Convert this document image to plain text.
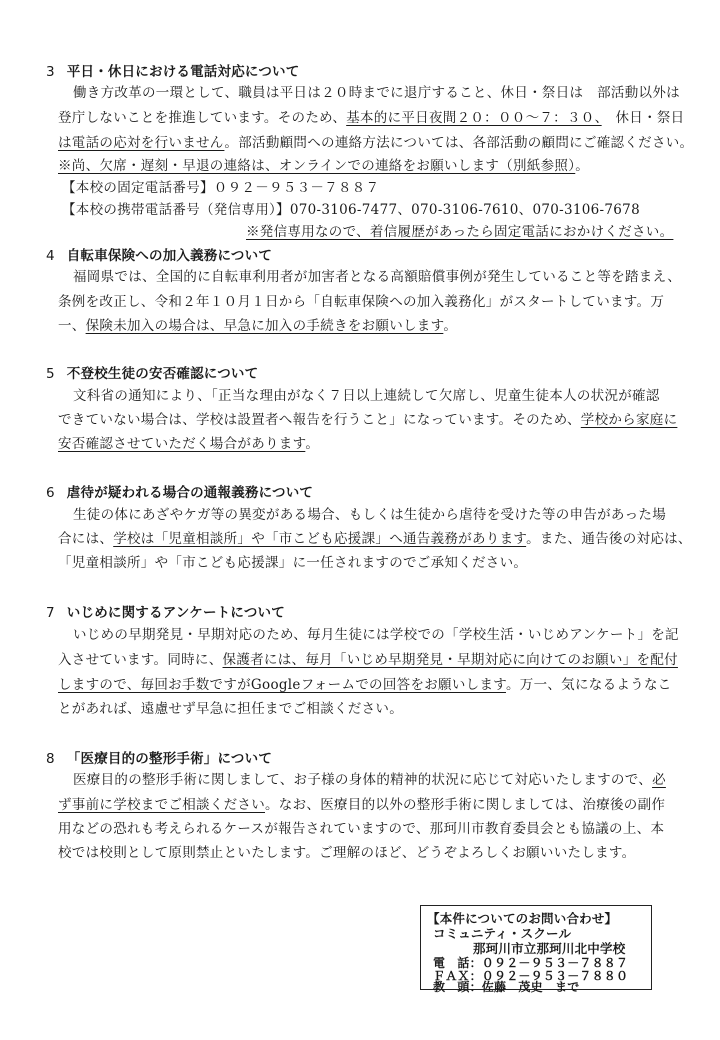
3 平日・休日における電話対応について
働き方改革の一環として、職員は平日は２０時までに退庁すること、休日・祭日は　部活動以外は
登庁しないことを推進しています。そのため、基本的に平日夜間２０：００～７：３０、　休日・祭日
は電話の応対を行いません。部活動顧問への連絡方法については、各部活動の顧問にご確認ください。
※尚、欠席・遅刻・早退の連絡は、オンラインでの連絡をお願いします（別紙参照）。
【本校の固定電話番号】０９２－９５３－７８８７
【本校の携帯電話番号（発信専用）】070-3106-7477、070-3106-7610、070-3106-7678
※発信専用なので、着信履歴があったら固定電話におかけください。
4 自転車保険への加入義務について
福岡県では、全国的に自転車利用者が加害者となる高額賠償事例が発生していること等を踏まえ、
条例を改正し、令和２年１０月１日から「自転車保険への加入義務化」がスタートしています。万
一、保険未加入の場合は、早急に加入の手続きをお願いします。
5 不登校生徒の安否確認について
文科省の通知により、「正当な理由がなく７日以上連続して欠席し、児童生徒本人の状況が確認
できていない場合は、学校は設置者へ報告を行うこと」になっています。そのため、学校から家庭に
安否確認させていただく場合があります。
6 虐待が疑われる場合の通報義務について
生徒の体にあざやケガ等の異変がある場合、もしくは生徒から虐待を受けた等の申告があった場
合には、学校は「児童相談所」や「市こども応援課」へ通告義務があります。また、通告後の対応は、
「児童相談所」や「市こども応援課」に一任されますのでご承知ください。
7 いじめに関するアンケートについて
いじめの早期発見・早期対応のため、毎月生徒には学校での「学校生活・いじめアンケート」を記
入させています。同時に、保護者には、毎月「いじめ早期発見・早期対応に向けてのお願い」を配付
しますので、毎回お手数ですがGoogleフォームでの回答をお願いします。万一、気になるようなこ
とがあれば、遠慮せず早急に担任までご相談ください。
8 「医療目的の整形手術」について
医療目的の整形手術に関しまして、お子様の身体的精神的状況に応じて対応いたしますので、必
ず事前に学校までご相談ください。なお、医療目的以外の整形手術に関しましては、治療後の副作
用などの恐れも考えられるケースが報告されていますので、那珂川市教育委員会とも協議の上、本
校では校則として原則禁止といたします。ご理解のほど、どうぞよろしくお願いいたします。
【本件についてのお問い合わせ】
コミュニティ・スクール
那珂川市立那珂川北中学校
電　話：０９２－９５３－７８８７
ＦＡＸ：０９２－９５３－７８８０
教　頭：佐藤　茂史　まで
